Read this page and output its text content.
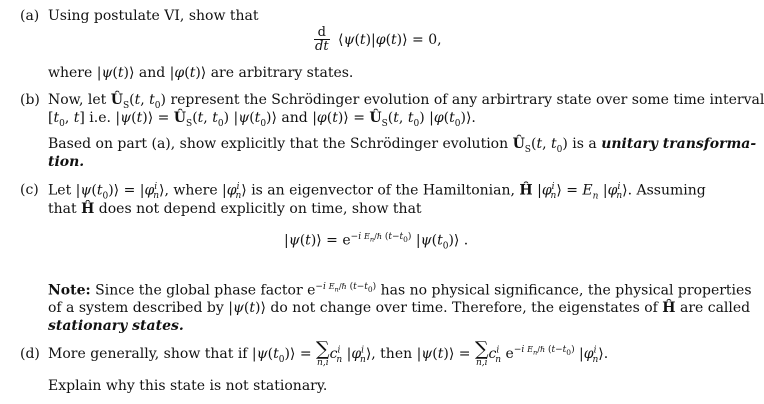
(a) Using postulate VI, show that
$\frac{d}{dt}$ ⟨ψ(t)|φ(t)⟩ = 0,
where |ψ(t)⟩ and |φ(t)⟩ are arbitrary states.
(b) Now, let $Û_S(t$, $t_0$) represent the Schrödinger evolution of any arbirtrary state over some time interval
[$t_0$, t] i.e. |ψ(t)⟩ = $Û_S(t$, $t_0$) $|\psi(t_0)⟩$ and |φ(t)⟩ = $Û_S(t$, $t_0$) $|\varphi(t_0)⟩$.
Based on part (a), show explicitly that the Schrödinger evolution $Û_S(t$, $t_0$) is a unitary transforma-
tion.
(c) Let $|\psi(t_0)⟩$ = $|\varphi^i_n⟩$, where $|\varphi^i_n⟩$ is an eigenvector of the Hamiltonian, Ĥ $|\varphi^i_n⟩ = E_n$ $|\varphi^i_n⟩$. Assuming
that Ĥ does not depend explicitly on time, show that
|ψ(t)⟩ = $e^{-i E_n/\hbar (t-t_0)}$ $|\psi(t_0)⟩$ .
Note: Since the global phase factor $e^{-i E_n/\hbar (t-t_0)}$ has no physical significance, the physical properties
of a system described by |ψ(t)⟩ do not change over time. Therefore, the eigenstates of Ĥ are called
stationary states.
(d) More generally, show that if $|\psi(t_0)⟩$ = ∑
n,i
$c^i_n$ $|\varphi^i_n⟩$, then |ψ(t)⟩ = ∑
n,i
$c^i_n$ $e^{-i E_n/\hbar (t-t_0)}$ $|\varphi^i_n⟩$.
Explain why this state is not stationary.
